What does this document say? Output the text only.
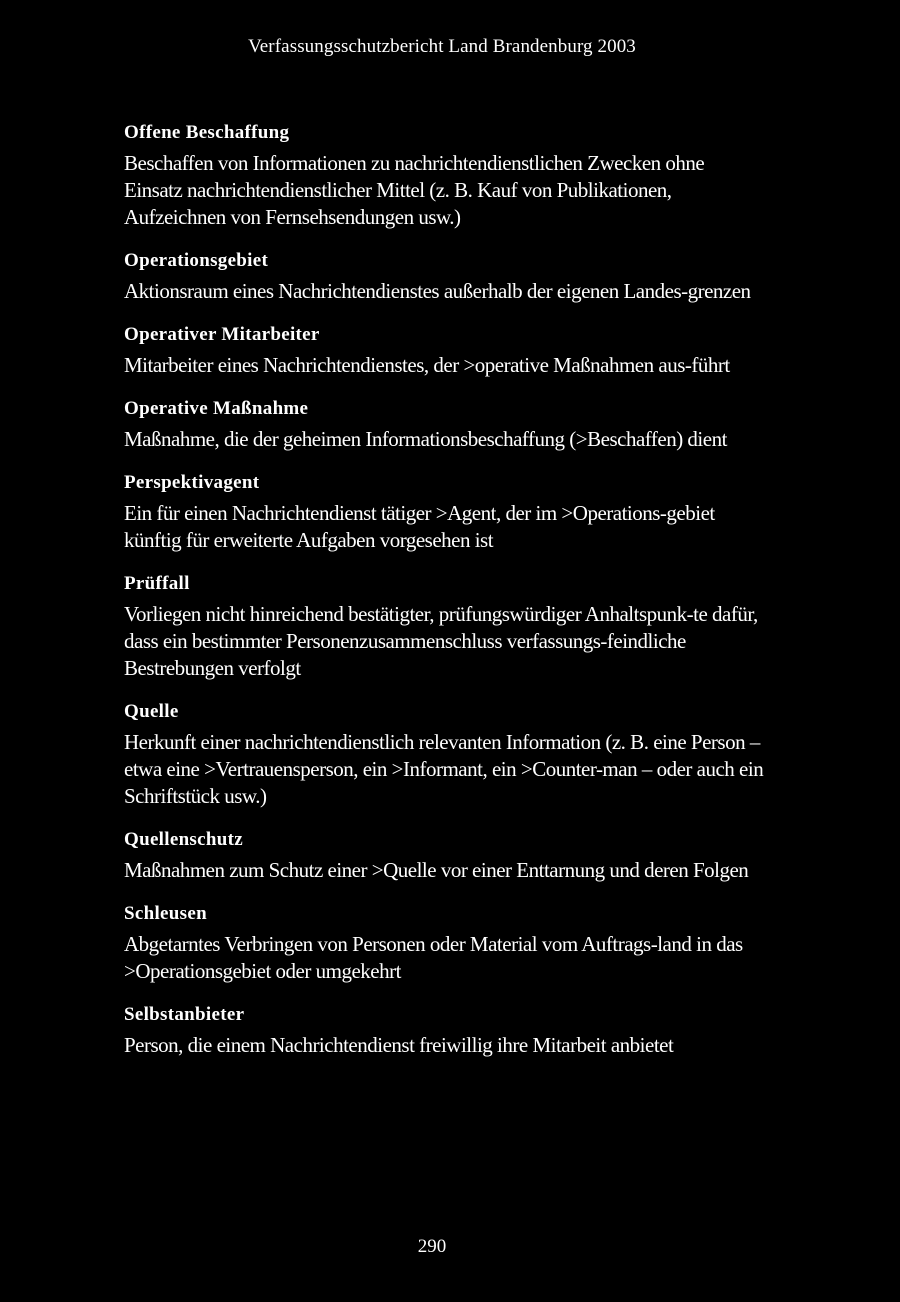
Verfassungsschutzbericht Land Brandenburg 2003
Offene Beschaffung
Beschaffen von Informationen zu nachrichtendienstlichen Zwecken ohne Einsatz nachrichtendienstlicher Mittel (z. B. Kauf von Publikationen, Aufzeichnen von Fernsehsendungen usw.)
Operationsgebiet
Aktionsraum eines Nachrichtendienstes außerhalb der eigenen Landes-grenzen
Operativer Mitarbeiter
Mitarbeiter eines Nachrichtendienstes, der >operative Maßnahmen aus-führt
Operative Maßnahme
Maßnahme, die der geheimen Informationsbeschaffung (>Beschaffen) dient
Perspektivagent
Ein für einen Nachrichtendienst tätiger >Agent, der im >Operations-gebiet künftig für erweiterte Aufgaben vorgesehen ist
Prüffall
Vorliegen nicht hinreichend bestätigter, prüfungswürdiger Anhaltspunk-te dafür, dass ein bestimmter Personenzusammenschluss verfassungs-feindliche Bestrebungen verfolgt
Quelle
Herkunft einer nachrichtendienstlich relevanten Information (z. B. eine Person – etwa eine >Vertrauensperson, ein >Informant, ein >Counter-man – oder auch ein Schriftstück usw.)
Quellenschutz
Maßnahmen zum Schutz einer >Quelle vor einer Enttarnung und deren Folgen
Schleusen
Abgetarntes Verbringen von Personen oder Material vom Auftrags-land in das >Operationsgebiet oder umgekehrt
Selbstanbieter
Person, die einem Nachrichtendienst freiwillig ihre Mitarbeit anbietet
290
